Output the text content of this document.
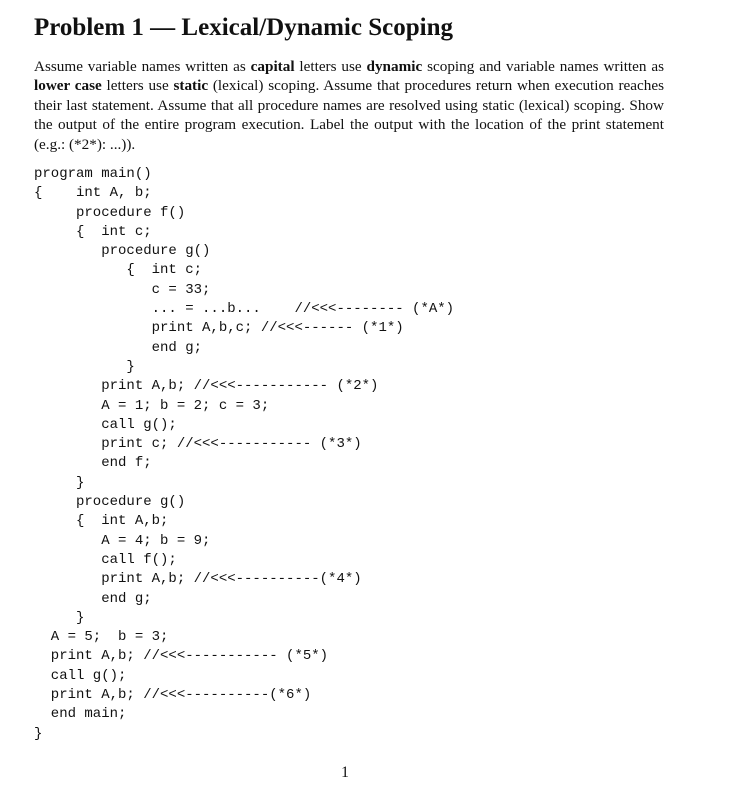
Problem 1 — Lexical/Dynamic Scoping

Assume variable names written as capital letters use dynamic scoping and variable names written as lower case letters use static (lexical) scoping. Assume that procedures return when execution reaches their last statement. Assume that all procedure names are resolved using static (lexical) scoping. Show the output of the entire program execution. Label the output with the location of the print statement (e.g.: (*2*): ...)).

program main()
{    int A, b;
procedure f()
{  int c;
procedure g()
{  int c;
c = 33;
... = ...b...    //<<<-------- (*A*)
print A,b,c; //<<<------ (*1*)
end g;
}
print A,b; //<<<----------- (*2*)
A = 1; b = 2; c = 3;
call g();
print c; //<<<----------- (*3*)
end f;
}
procedure g()
{  int A,b;
A = 4; b = 9;
call f();
print A,b; //<<<----------(*4*)
end g;
}
A = 5;  b = 3;
print A,b; //<<<----------- (*5*)
call g();
print A,b; //<<<----------(*6*)
end main;
}
1
